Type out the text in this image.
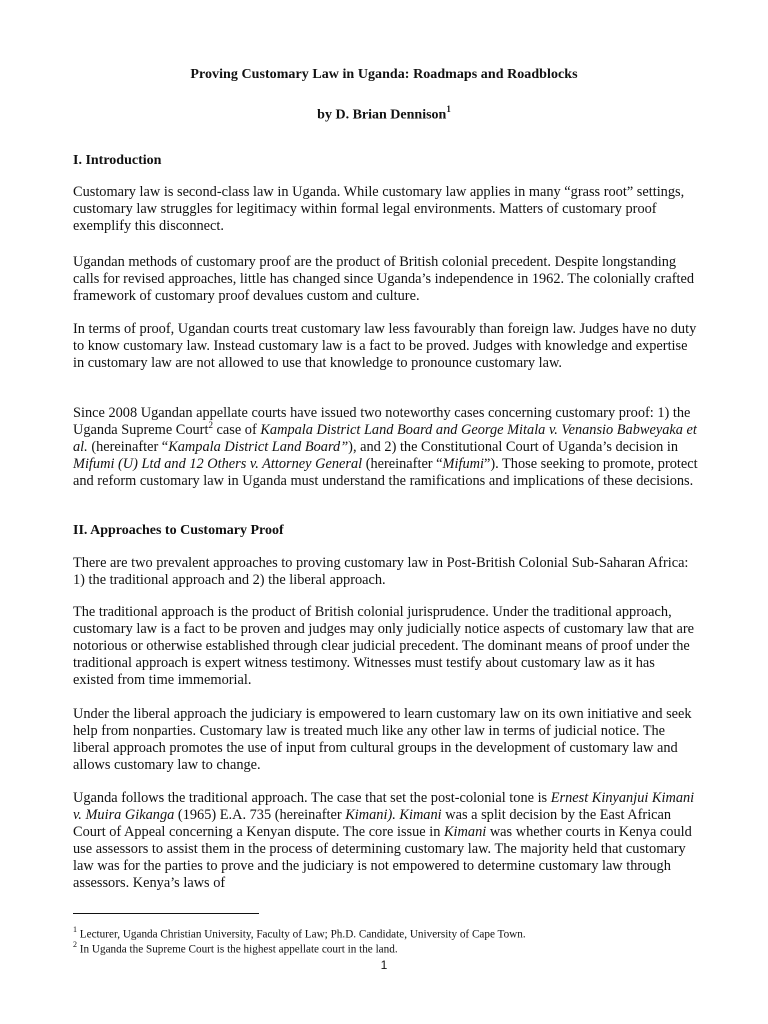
Proving Customary Law in Uganda: Roadmaps and Roadblocks
by D. Brian Dennison$^1$
I. Introduction
Customary law is second-class law in Uganda. While customary law applies in many “grass root” settings, customary law struggles for legitimacy within formal legal environments. Matters of customary proof exemplify this disconnect.
Ugandan methods of customary proof are the product of British colonial precedent. Despite longstanding calls for revised approaches, little has changed since Uganda’s independence in 1962. The colonially crafted framework of customary proof devalues custom and culture.
In terms of proof, Ugandan courts treat customary law less favourably than foreign law. Judges have no duty to know customary law. Instead customary law is a fact to be proved. Judges with knowledge and expertise in customary law are not allowed to use that knowledge to pronounce customary law.
Since 2008 Ugandan appellate courts have issued two noteworthy cases concerning customary proof: 1) the Uganda Supreme Court$^2$ case of Kampala District Land Board and George Mitala v. Venansio Babweyaka et al. (hereinafter “Kampala District Land Board”), and 2) the Constitutional Court of Uganda’s decision in Mifumi (U) Ltd and 12 Others v. Attorney General (hereinafter “Mifumi”). Those seeking to promote, protect and reform customary law in Uganda must understand the ramifications and implications of these decisions.
II. Approaches to Customary Proof
There are two prevalent approaches to proving customary law in Post-British Colonial Sub-Saharan Africa: 1) the traditional approach and 2) the liberal approach.
The traditional approach is the product of British colonial jurisprudence. Under the traditional approach, customary law is a fact to be proven and judges may only judicially notice aspects of customary law that are notorious or otherwise established through clear judicial precedent. The dominant means of proof under the traditional approach is expert witness testimony. Witnesses must testify about customary law as it has existed from time immemorial.
Under the liberal approach the judiciary is empowered to learn customary law on its own initiative and seek help from nonparties. Customary law is treated much like any other law in terms of judicial notice. The liberal approach promotes the use of input from cultural groups in the development of customary law and allows customary law to change.
Uganda follows the traditional approach. The case that set the post-colonial tone is Ernest Kinyanjui Kimani v. Muira Gikanga (1965) E.A. 735 (hereinafter Kimani). Kimani was a split decision by the East African Court of Appeal concerning a Kenyan dispute. The core issue in Kimani was whether courts in Kenya could use assessors to assist them in the process of determining customary law. The majority held that customary law was for the parties to prove and the judiciary is not empowered to determine customary law through assessors. Kenya’s laws of
$^1$ Lecturer, Uganda Christian University, Faculty of Law; Ph.D. Candidate, University of Cape Town.
$^2$ In Uganda the Supreme Court is the highest appellate court in the land.
1
